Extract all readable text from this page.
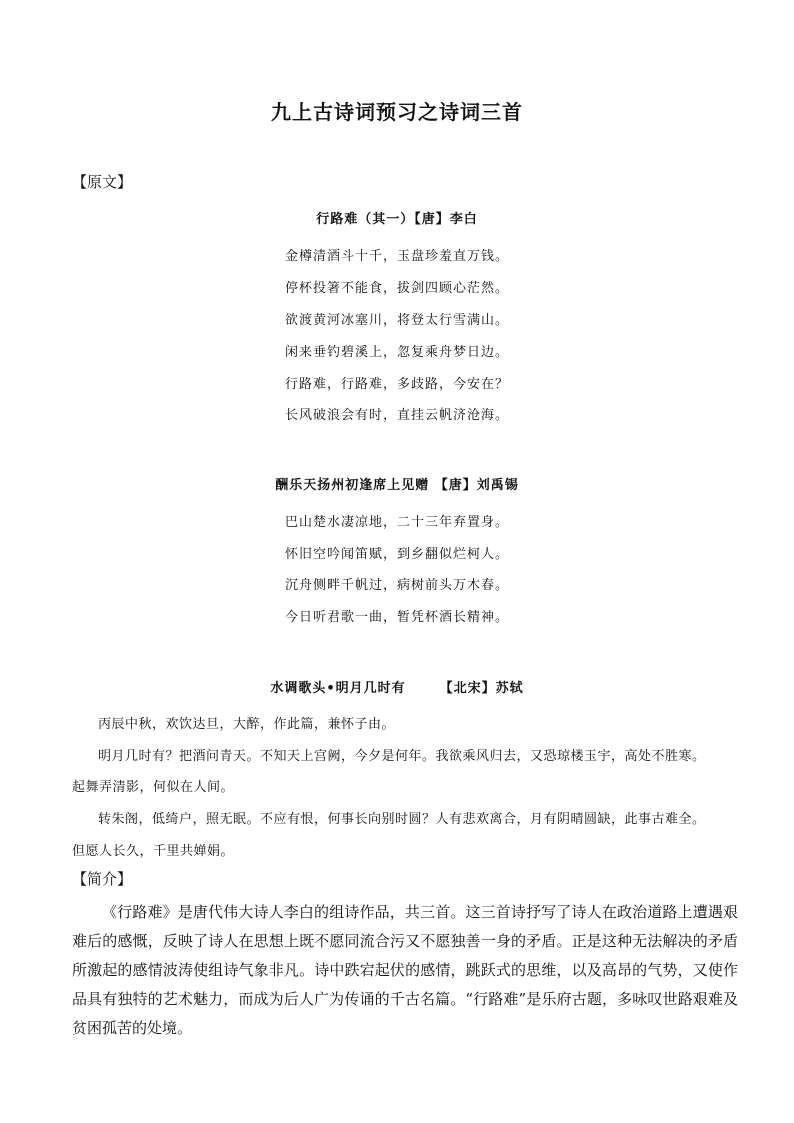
九上古诗词预习之诗词三首
【原文】
行路难（其一）【唐】李白
金樽清酒斗十千，玉盘珍羞直万钱。
停杯投箸不能食，拔剑四顾心茫然。
欲渡黄河冰塞川，将登太行雪满山。
闲来垂钓碧溪上，忽复乘舟梦日边。
行路难，行路难，多歧路，今安在？
长风破浪会有时，直挂云帆济沧海。
酬乐天扬州初逢席上见赠 【唐】刘禹锡
巴山楚水凄凉地，二十三年弃置身。
怀旧空吟闻笛赋，到乡翻似烂柯人。
沉舟侧畔千帆过，病树前头万木春。
今日听君歌一曲，暂凭杯酒长精神。
水调歌头•明月几时有	【北宋】苏轼
丙辰中秋，欢饮达旦，大醉，作此篇，兼怀子由。
明月几时有？把酒问青天。不知天上宫阙，今夕是何年。我欲乘风归去，又恐琼楼玉宇，高处不胜寒。
起舞弄清影，何似在人间。
转朱阁，低绮户，照无眠。不应有恨，何事长向别时圆？人有悲欢离合，月有阴晴圆缺，此事古难全。
但愿人长久，千里共婵娟。
【简介】
《行路难》是唐代伟大诗人李白的组诗作品，共三首。这三首诗抒写了诗人在政治道路上遭遇艰难后的感慨，反映了诗人在思想上既不愿同流合污又不愿独善一身的矛盾。正是这种无法解决的矛盾所激起的感情波涛使组诗气象非凡。诗中跌宕起伏的感情，跳跃式的思维，以及高昂的气势，又使作品具有独特的艺术魅力，而成为后人广为传诵的千古名篇。“行路难”是乐府古题，多咏叹世路艰难及贫困孤苦的处境。
